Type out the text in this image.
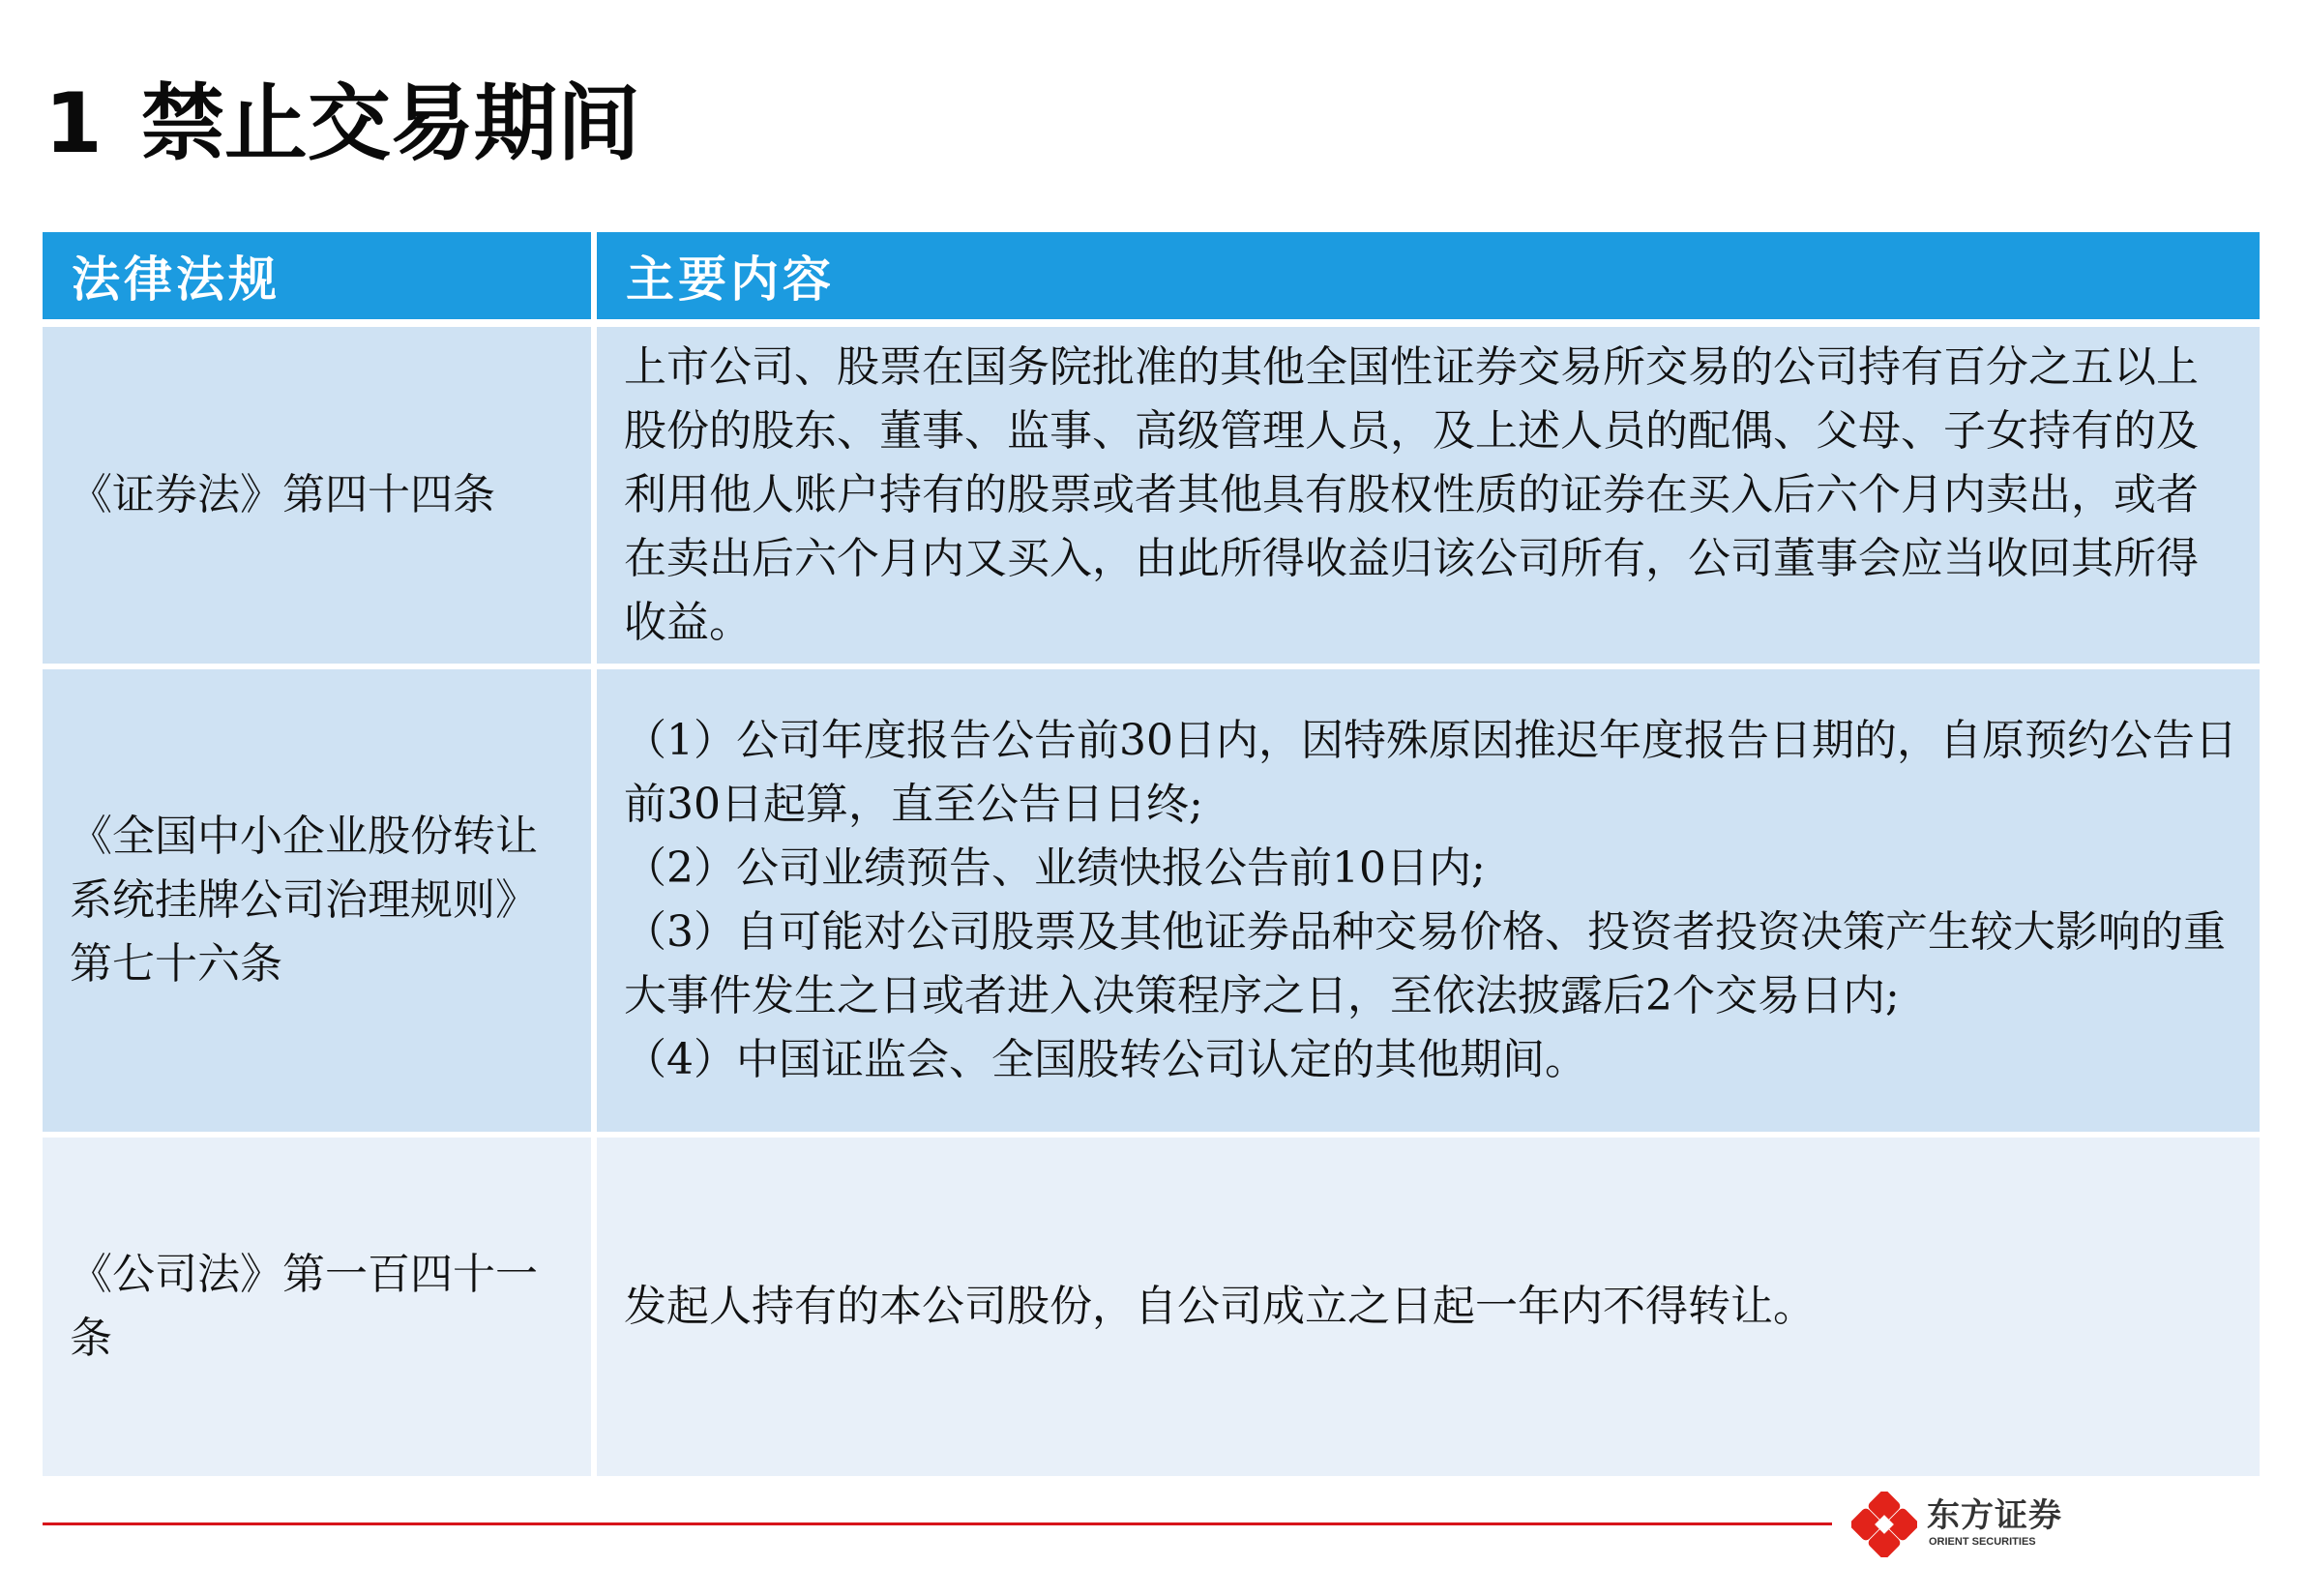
1 禁止交易期间
法律法规	主要内容
《证券法》第四十四条	上市公司、股票在国务院批准的其他全国性证券交易所交易的公司持有百分之五以上股份的股东、董事、监事、高级管理人员，及上述人员的配偶、父母、子女持有的及利用他人账户持有的股票或者其他具有股权性质的证券在买入后六个月内卖出，或者在卖出后六个月内又买入，由此所得收益归该公司所有，公司董事会应当收回其所得收益。

《全国中小企业股份转让系统挂牌公司治理规则》第七十六条	（1）公司年度报告公告前30日内，因特殊原因推迟年度报告日期的，自原预约公告日前30日起算，直至公告日日终;
（2）公司业绩预告、业绩快报公告前10日内;
（3）自可能对公司股票及其他证券品种交易价格、投资者投资决策产生较大影响的重大事件发生之日或者进入决策程序之日，至依法披露后2个交易日内;
（4）中国证监会、全国股转公司认定的其他期间。

《公司法》第一百四十一条	发起人持有的本公司股份，自公司成立之日起一年内不得转让。
东方证券
ORIENT SECURITIES
